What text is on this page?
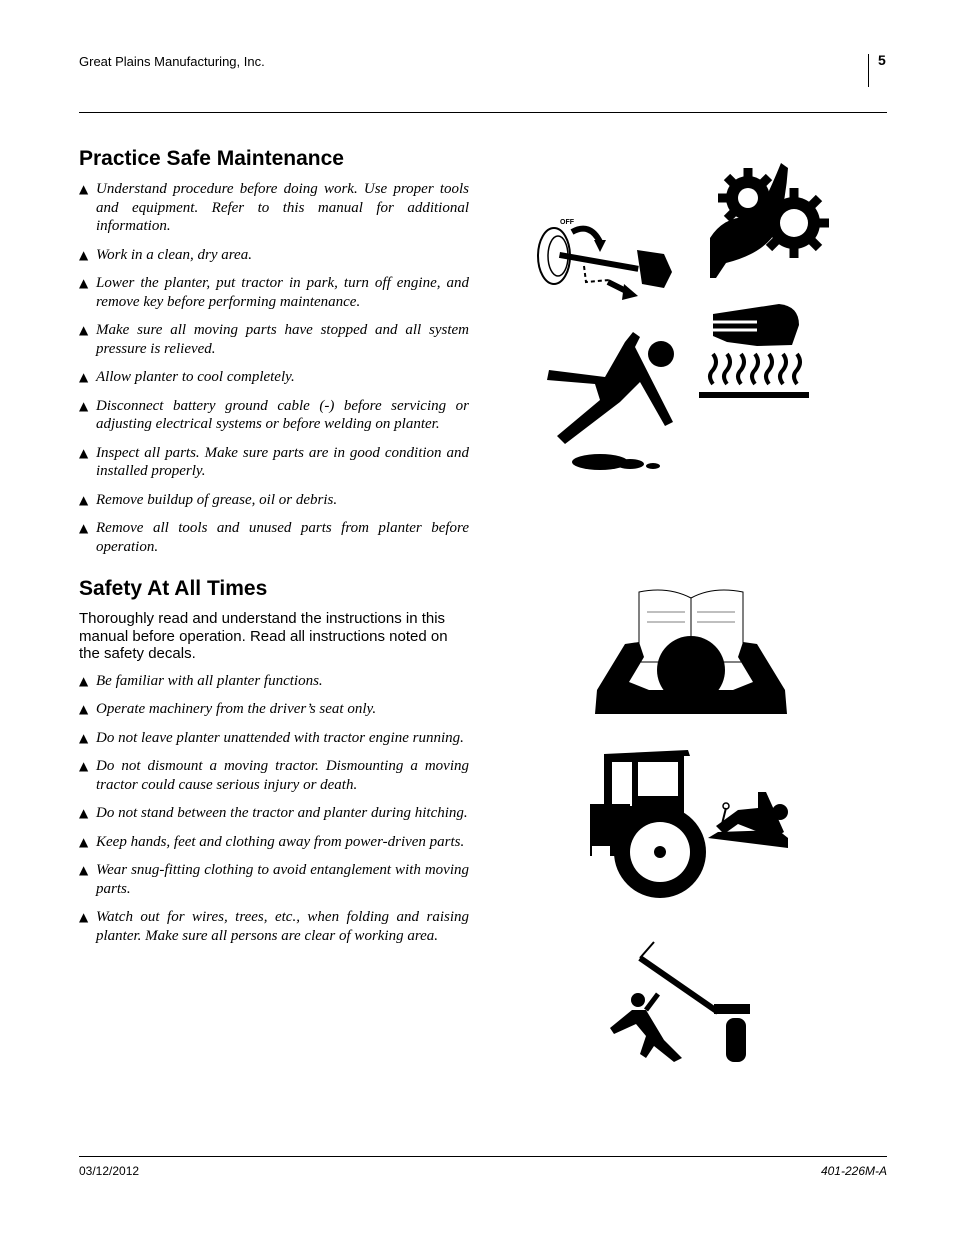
Great Plains Manufacturing, Inc.	5
Practice Safe Maintenance
▲ Understand procedure before doing work. Use proper tools and equipment. Refer to this manual for additional information.
▲ Work in a clean, dry area.
▲ Lower the planter, put tractor in park, turn off engine, and remove key before performing maintenance.
▲ Make sure all moving parts have stopped and all system pressure is relieved.
▲ Allow planter to cool completely.
▲ Disconnect battery ground cable (-) before servicing or adjusting electrical systems or before welding on planter.
▲ Inspect all parts. Make sure parts are in good condition and installed properly.
▲ Remove buildup of grease, oil or debris.
▲ Remove all tools and unused parts from planter before operation.
Safety At All Times

Thoroughly read and understand the instructions in this manual before operation. Read all instructions noted on the safety decals.

▲ Be familiar with all planter functions.
▲ Operate machinery from the driver’s seat only.
▲ Do not leave planter unattended with tractor engine running.
▲ Do not dismount a moving tractor. Dismounting a moving tractor could cause serious injury or death.
▲ Do not stand between the tractor and planter during hitching.
▲ Keep hands, feet and clothing away from power-driven parts.
▲ Wear snug-fitting clothing to avoid entanglement with moving parts.
▲ Watch out for wires, trees, etc., when folding and raising planter. Make sure all persons are clear of working area.
OFF
03/12/2012	401-226M-A
